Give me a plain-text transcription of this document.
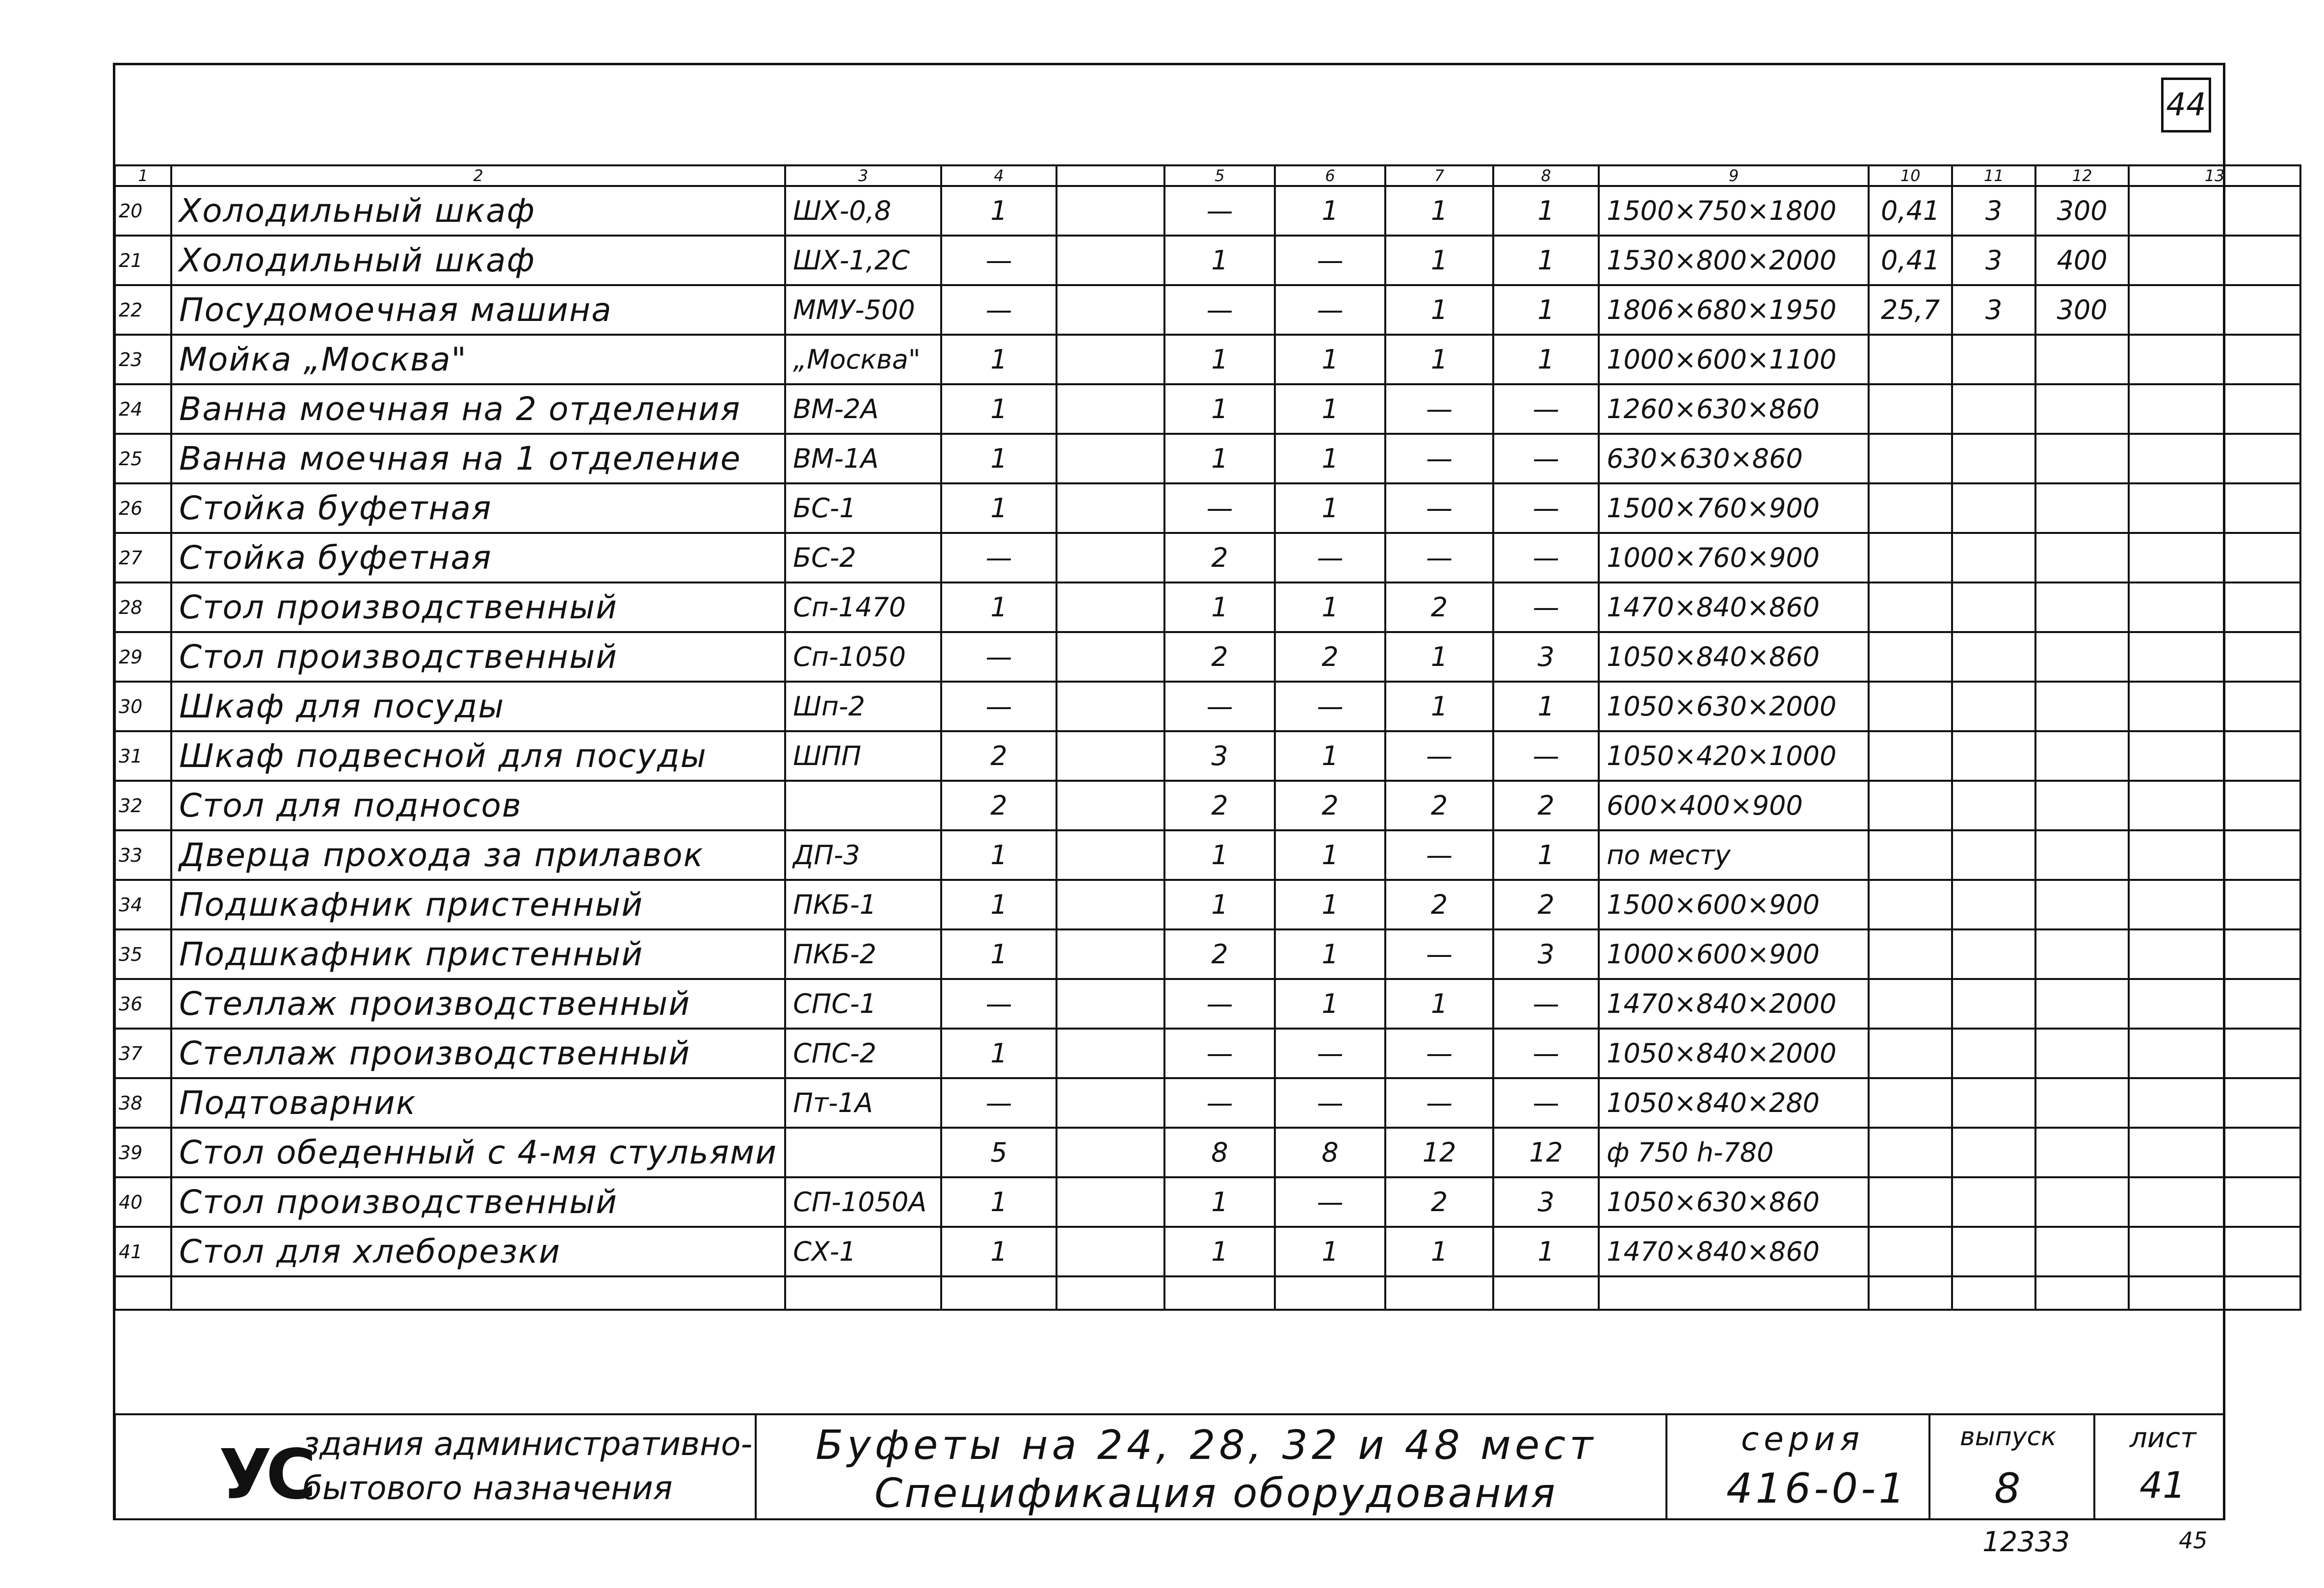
44
1	2	3	4		5	6	7	8	9	10	11	12	13
20	Холодильный шкаф	ШХ-0,8	1		—	1	1	1	1500×750×1800	0,41	3	300	
21	Холодильный шкаф	ШХ-1,2С	—		1	—	1	1	1530×800×2000	0,41	3	400	
22	Посудомоечная машина	ММУ-500	—		—	—	1	1	1806×680×1950	25,7	3	300	
23	Мойка „Москва"	„Москва"	1		1	1	1	1	1000×600×1100				
24	Ванна моечная на 2 отделения	ВМ-2А	1		1	1	—	—	1260×630×860				
25	Ванна моечная на 1 отделение	ВМ-1А	1		1	1	—	—	630×630×860				
26	Стойка буфетная	БС-1	1		—	1	—	—	1500×760×900				
27	Стойка буфетная	БС-2	—		2	—	—	—	1000×760×900				
28	Стол производственный	Сп-1470	1		1	1	2	—	1470×840×860				
29	Стол производственный	Сп-1050	—		2	2	1	3	1050×840×860				
30	Шкаф для посуды	Шп-2	—		—	—	1	1	1050×630×2000				
31	Шкаф подвесной для посуды	ШПП	2		3	1	—	—	1050×420×1000				
32	Стол для подносов		2		2	2	2	2	600×400×900				
33	Дверца прохода за прилавок	ДП-3	1		1	1	—	1	по месту				
34	Подшкафник пристенный	ПКБ-1	1		1	1	2	2	1500×600×900				
35	Подшкафник пристенный	ПКБ-2	1		2	1	—	3	1000×600×900				
36	Стеллаж производственный	СПС-1	—		—	1	1	—	1470×840×2000				
37	Стеллаж производственный	СПС-2	1		—	—	—	—	1050×840×2000				
38	Подтоварник	Пт-1А	—		—	—	—	—	1050×840×280				
39	Стол обеденный с 4-мя стульями		5		8	8	12	12	ф 750 h-780				
40	Стол производственный	СП-1050А	1		1	—	2	3	1050×630×860				
41	Стол для хлеборезки	СХ-1	1		1	1	1	1	1470×840×860				

УС
здания административно-
бытового назначения
Буфеты на 24, 28, 32 и 48 мест
Спецификация оборудования
серия
416-0-1
выпуск
8
лист
41
12333	45
